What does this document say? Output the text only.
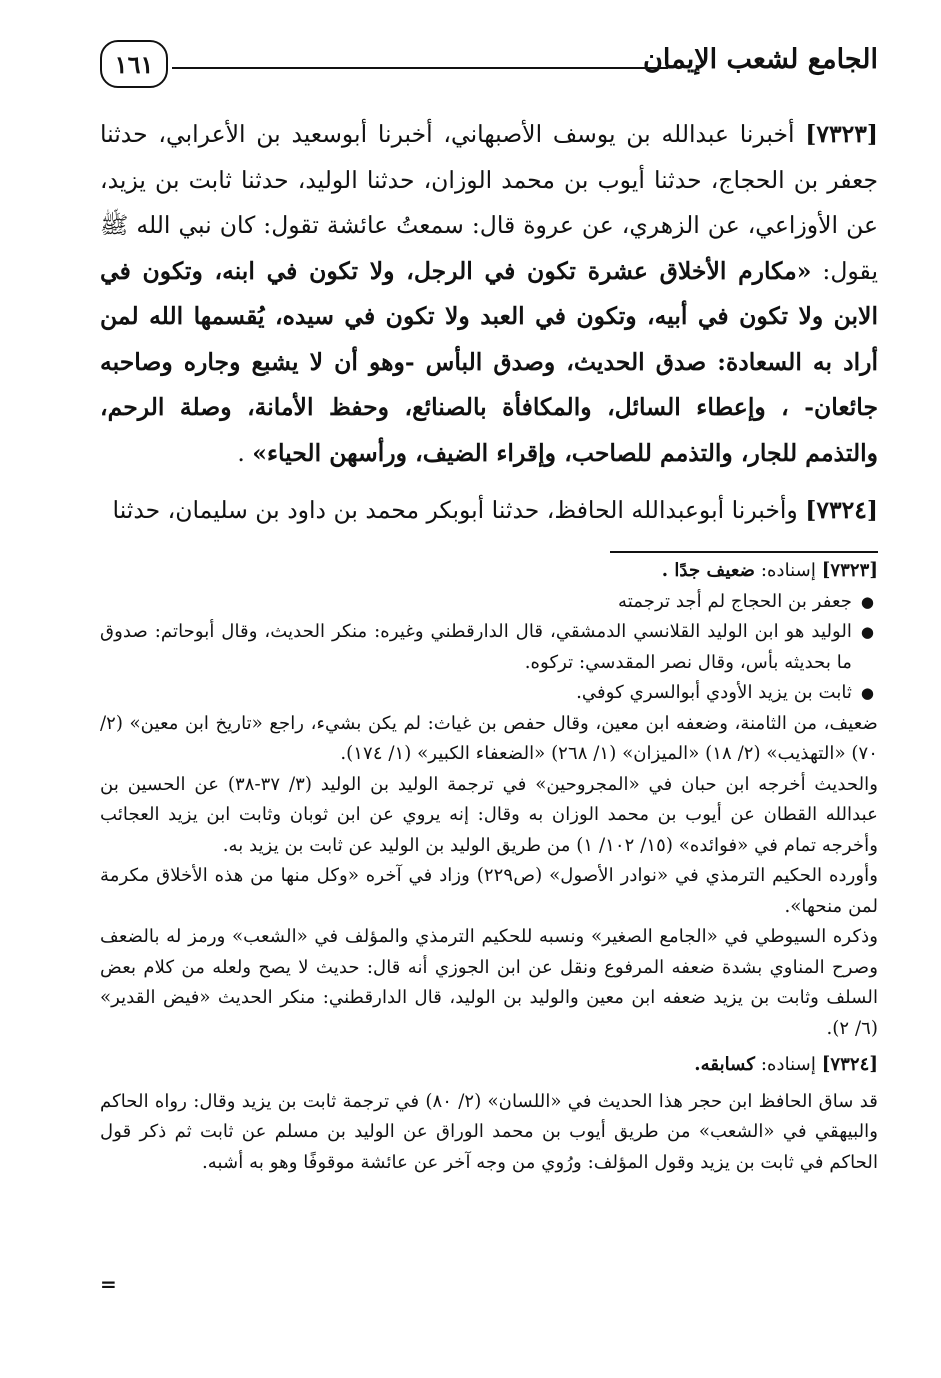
الجامع لشعب الإيمان
١٦١

[٧٣٢٣] أخبرنا عبدالله بن يوسف الأصبهاني، أخبرنا أبوسعيد بن الأعرابي، حدثنا جعفر بن الحجاج، حدثنا أيوب بن محمد الوزان، حدثنا الوليد، حدثنا ثابت بن يزيد، عن الأوزاعي، عن الزهري، عن عروة قال: سمعتُ عائشة تقول: كان نبي الله ﷺ يقول: «مكارم الأخلاق عشرة تكون في الرجل، ولا تكون في ابنه، وتكون في الابن ولا تكون في أبيه، وتكون في العبد ولا تكون في سيده، يُقسمها الله لمن أراد به السعادة: صدق الحديث، وصدق البأس -وهو أن لا يشبع وجاره وصاحبه جائعان- ، وإعطاء السائل، والمكافأة بالصنائع، وحفظ الأمانة، وصلة الرحم، والتذمم للجار، والتذمم للصاحب، وإقراء الضيف، ورأسهن الحياء» .

[٧٣٢٤] وأخبرنا أبوعبدالله الحافظ، حدثنا أبوبكر محمد بن داود بن سليمان، حدثنا

[٧٣٢٣] إسناده: ضعيف جدًا .

●
جعفر بن الحجاج لم أجد ترجمته
●
الوليد هو ابن الوليد القلانسي الدمشقي، قال الدارقطني وغيره: منكر الحديث، وقال أبوحاتم: صدوق ما بحديثه بأس، وقال نصر المقدسي: تركوه.
●
ثابت بن يزيد الأودي أبوالسري كوفي.

ضعيف، من الثامنة، وضعفه ابن معين، وقال حفص بن غياث: لم يكن بشيء، راجع «تاريخ ابن معين» (٢/ ٧٠) «التهذيب» (٢/ ١٨) «الميزان» (١/ ٢٦٨) «الضعفاء الكبير» (١/ ١٧٤).

والحديث أخرجه ابن حبان في «المجروحين» في ترجمة الوليد بن الوليد (٣/ ٣٧-٣٨) عن الحسين بن عبدالله القطان عن أيوب بن محمد الوزان به وقال: إنه يروي عن ابن ثوبان وثابت ابن يزيد العجائب وأخرجه تمام في «فوائده» (١٥/ ١٠٢/ ١) من طريق الوليد بن الوليد عن ثابت بن يزيد به.

وأورده الحكيم الترمذي في «نوادر الأصول» (ص٢٢٩) وزاد في آخره «وكل منها من هذه الأخلاق مكرمة لمن منحها».

وذكره السيوطي في «الجامع الصغير» ونسبه للحكيم الترمذي والمؤلف في «الشعب» ورمز له بالضعف وصرح المناوي بشدة ضعفه المرفوع ونقل عن ابن الجوزي أنه قال: حديث لا يصح ولعله من كلام بعض السلف وثابت بن يزيد ضعفه ابن معين والوليد بن الوليد، قال الدارقطني: منكر الحديث «فيض القدير» (٦/ ٢).

[٧٣٢٤] إسناده: كسابقه.

قد ساق الحافظ ابن حجر هذا الحديث في «اللسان» (٢/ ٨٠) في ترجمة ثابت بن يزيد وقال: رواه الحاكم والبيهقي في «الشعب» من طريق أيوب بن محمد الوراق عن الوليد بن مسلم عن ثابت ثم ذكر قول الحاكم في ثابت بن يزيد وقول المؤلف: ورُوي من وجه آخر عن عائشة موقوفًا وهو به أشبه.

=
